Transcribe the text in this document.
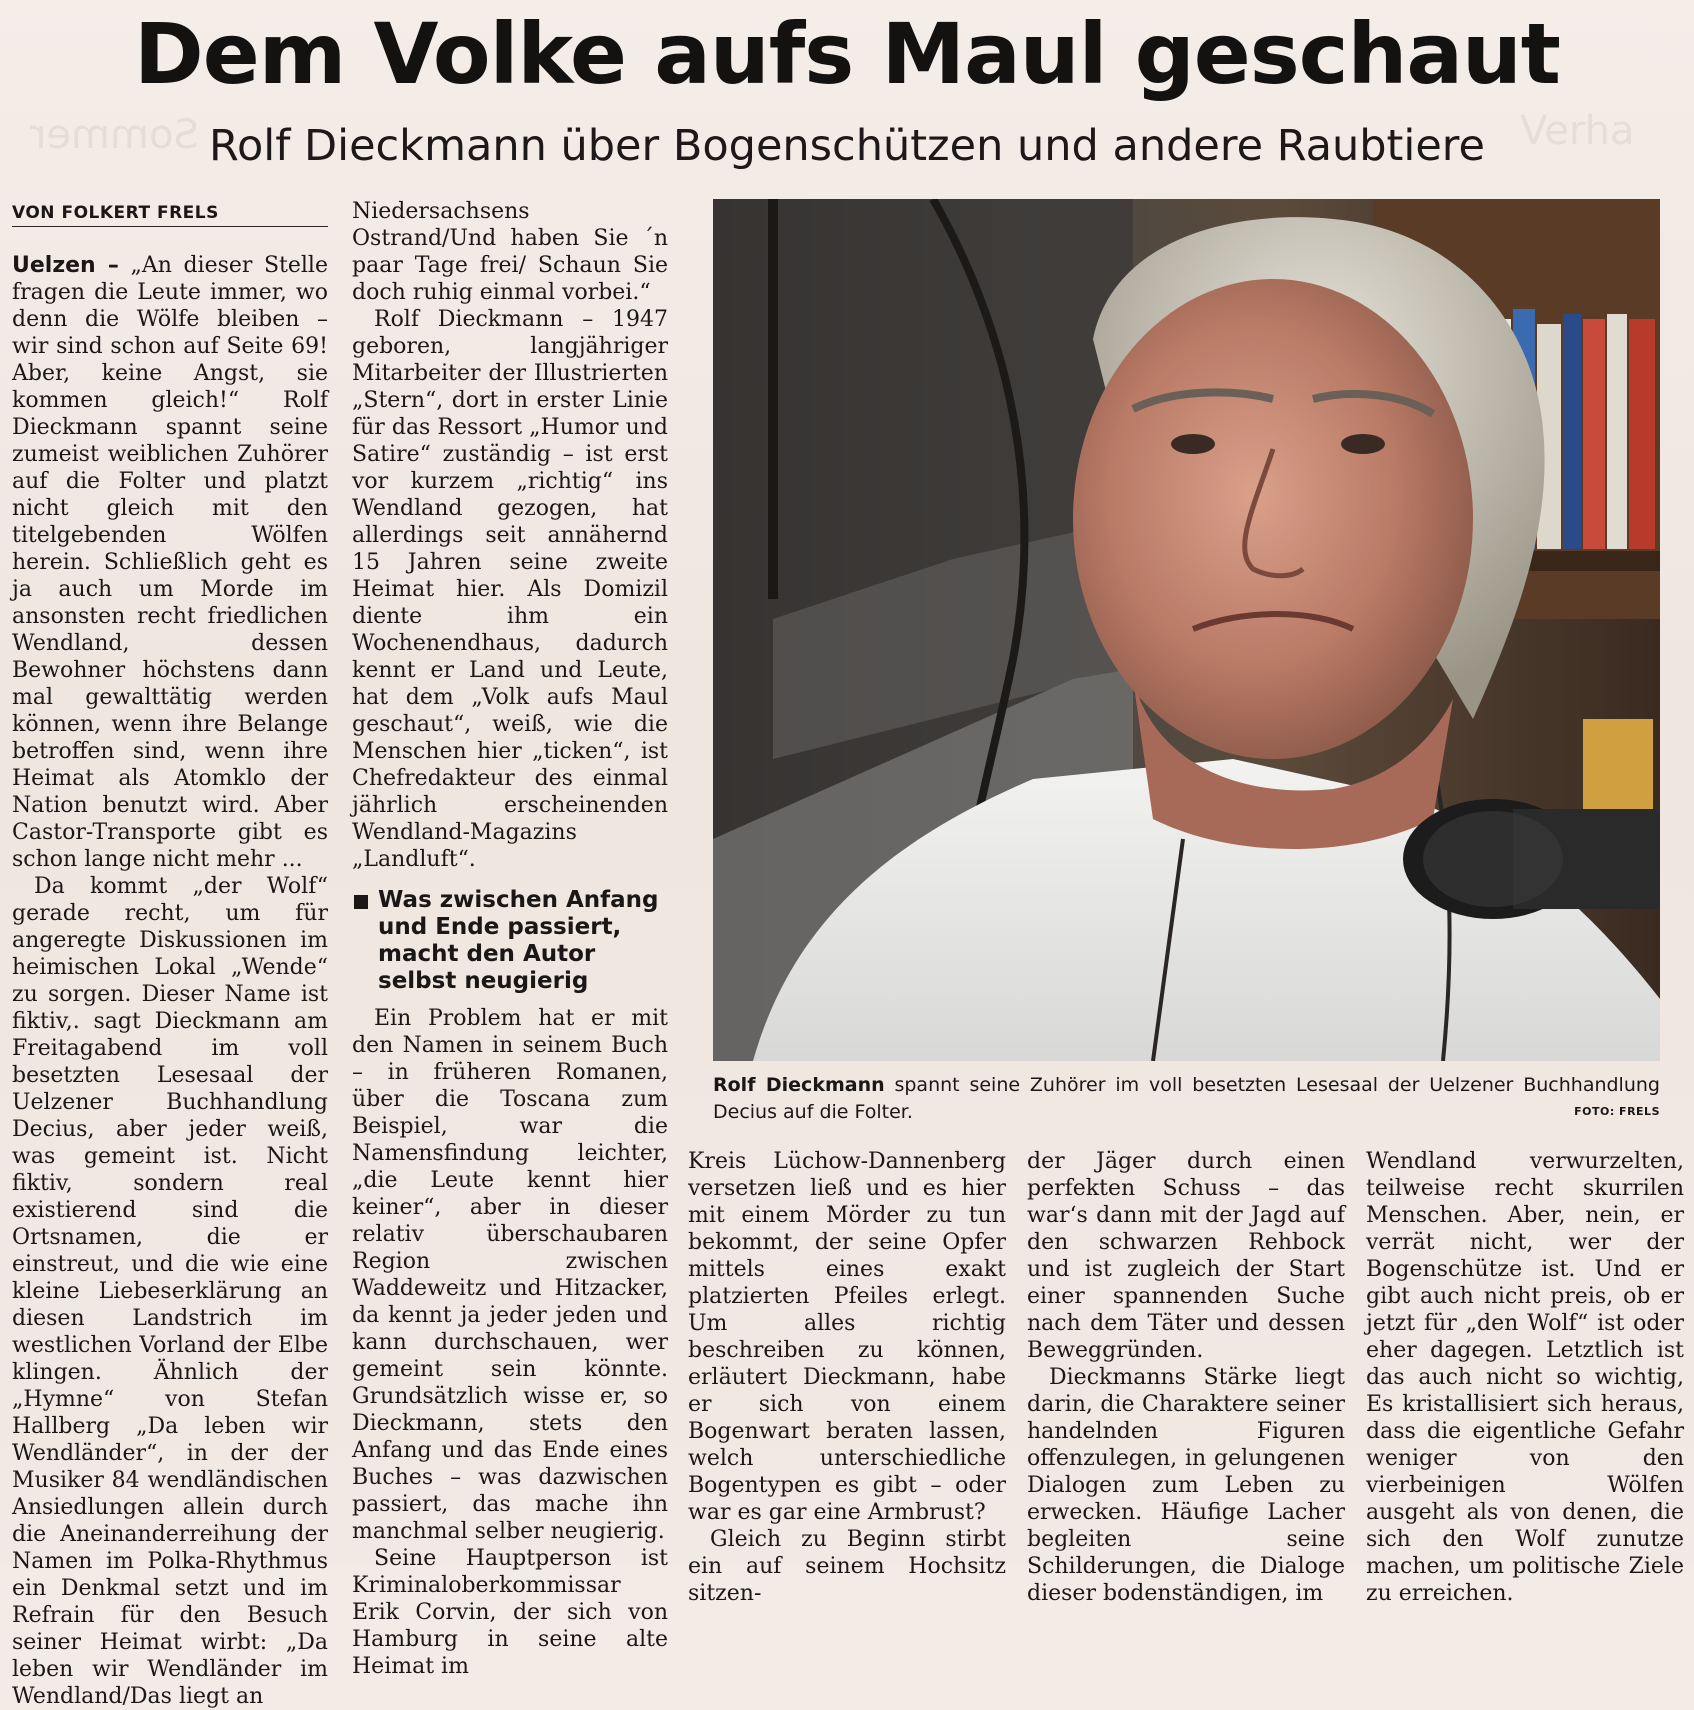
Sommer	Verha
Dem Volke aufs Maul geschaut
Rolf Dieckmann über Bogenschützen und andere Raubtiere
VON FOLKERT FRELS

Uelzen – „An dieser Stelle fragen die Leute immer, wo denn die Wölfe bleiben – wir sind schon auf Seite 69! Aber, keine Angst, sie kommen gleich!“ Rolf Dieckmann spannt seine zumeist weiblichen Zuhörer auf die Folter und platzt nicht gleich mit den titelgebenden Wölfen herein. Schließlich geht es ja auch um Morde im ansonsten recht friedlichen Wendland, dessen Bewohner höchstens dann mal gewalttätig werden können, wenn ihre Belange betroffen sind, wenn ihre Heimat als Atomklo der Nation benutzt wird. Aber Castor-Transporte gibt es schon lange nicht mehr ...

Da kommt „der Wolf“ gerade recht, um für angeregte Diskussionen im heimischen Lokal „Wende“ zu sorgen. Dieser Name ist fiktiv,. sagt Dieckmann am Freitagabend im voll besetzten Lesesaal der Uelzener Buchhandlung Decius, aber jeder weiß, was gemeint ist. Nicht fiktiv, sondern real existierend sind die Ortsnamen, die er einstreut, und die wie eine kleine Liebeserklärung an diesen Landstrich im westlichen Vorland der Elbe klingen. Ähnlich der „Hymne“ von Stefan Hallberg „Da leben wir Wendländer“, in der der Musiker 84 wendländischen Ansiedlungen allein durch die Aneinanderreihung der Namen im Polka-Rhythmus ein Denkmal setzt und im Refrain für den Besuch seiner Heimat wirbt: „Da leben wir Wendländer im Wendland/Das liegt an

Niedersachsens Ostrand/Und haben Sie ´n paar Tage frei/ Schaun Sie doch ruhig einmal vorbei.“

Rolf Dieckmann – 1947 geboren, langjähriger Mitarbeiter der Illustrierten „Stern“, dort in erster Linie für das Ressort „Humor und Satire“ zuständig – ist erst vor kurzem „richtig“ ins Wendland gezogen, hat allerdings seit annähernd 15 Jahren seine zweite Heimat hier. Als Domizil diente ihm ein Wochenendhaus, dadurch kennt er Land und Leute, hat dem „Volk aufs Maul geschaut“, weiß, wie die Menschen hier „ticken“, ist Chefredakteur des einmal jährlich erscheinenden Wendland-Magazins „Landluft“.

Was zwischen Anfang und Ende passiert, macht den Autor selbst neugierig

Ein Problem hat er mit den Namen in seinem Buch – in früheren Romanen, über die Toscana zum Beispiel, war die Namensfindung leichter, „die Leute kennt hier keiner“, aber in dieser relativ überschaubaren Region zwischen Waddeweitz und Hitzacker, da kennt ja jeder jeden und kann durchschauen, wer gemeint sein könnte. Grundsätzlich wisse er, so Dieckmann, stets den Anfang und das Ende eines Buches – was dazwischen passiert, das mache ihn manchmal selber neugierig.

Seine Hauptperson ist Kriminaloberkommissar Erik Corvin, der sich von Hamburg in seine alte Heimat im

Rolf Dieckmann spannt seine Zuhörer im voll besetzten Lesesaal der Uelzener Buchhandlung Decius auf die Folter.	FOTO: FRELS

Kreis Lüchow-Dannenberg versetzen ließ und es hier mit einem Mörder zu tun bekommt, der seine Opfer mittels eines exakt platzierten Pfeiles erlegt. Um alles richtig beschreiben zu können, erläutert Dieckmann, habe er sich von einem Bogenwart beraten lassen, welch unterschiedliche Bogentypen es gibt – oder war es gar eine Armbrust?

Gleich zu Beginn stirbt ein auf seinem Hochsitz sitzen-

der Jäger durch einen perfekten Schuss – das war‘s dann mit der Jagd auf den schwarzen Rehbock und ist zugleich der Start einer spannenden Suche nach dem Täter und dessen Beweggründen.

Dieckmanns Stärke liegt darin, die Charaktere seiner handelnden Figuren offenzulegen, in gelungenen Dialogen zum Leben zu erwecken. Häufige Lacher begleiten seine Schilderungen, die Dialoge dieser bodenständigen, im

Wendland verwurzelten, teilweise recht skurrilen Menschen. Aber, nein, er verrät nicht, wer der Bogenschütze ist. Und er gibt auch nicht preis, ob er jetzt für „den Wolf“ ist oder eher dagegen. Letztlich ist das auch nicht so wichtig, Es kristallisiert sich heraus, dass die eigentliche Gefahr weniger von den vierbeinigen Wölfen ausgeht als von denen, die sich den Wolf zunutze machen, um politische Ziele zu erreichen.
